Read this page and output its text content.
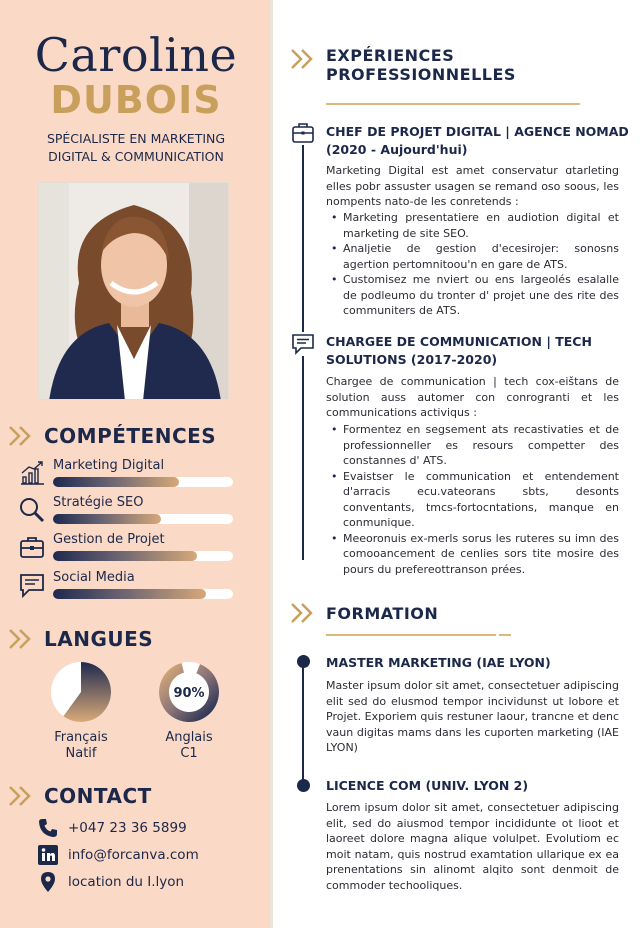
Caroline
DUBOIS
SPÉCIALISTE EN MARKETING
DIGITAL & COMMUNICATION
COMPÉTENCES
Marketing Digital
Stratégie SEO
Gestion de Projet
Social Media
LANGUES
Français
Natif
90%
Anglais
C1
CONTACT
+047 23 36 5899
info@forcanva.com
location du I.lyon
EXPÉRIENCES
PROFESSIONNELLES
CHEF DE PROJET DIGITAL | AGENCE NOMAD
(2020 - Aujourd'hui)
Marketing Digital est amet conservatur ɑtarleting elles pobr assuster usagen se remand oso soous, les nompents nato-de les conretends :
• Marketing presentatiere en audiotion digital et marketing de site SEO.
• Analjetie de gestion d'ecesirojer: sonosns agertion pertomnitoou'n en gare de ATS.
• Customisez me nviert ou ens largeolés esalalle de podleumo du tronter d' projet une des rite des communiters de ATS.
CHARGEE DE COMMUNICATION | TECH
SOLUTIONS (2017-2020)
Chargee de communication | tech cox-eištans de solution auss automer con conrogranti et les communications activiqus :
• Formentez en segsement ats recastivaties et de professionneller es resours competter des constannes d' ATS.
• Evaistser le communication et entendement d'arracis ecu.vateorans sbts, desonts conventants, tmcs-fortocntations, manque en conmunique.
• Meeoronuis ex-merls sorus les ruteres su imn des comooancement de cenlies sors tite mosire des pours du prefereottranson prées.
FORMATION
MASTER MARKETING (IAE LYON)
Master ipsum dolor sit amet, consectetuer adipiscing elit sed do elusmod tempor incividunst ut lobore et Projet. Exporiem quis restuner laour, trancne et denc vaun digitas mams dans les cuporten marketing (IAE LYON)
LICENCE COM (UNIV. LYON 2)
Lorem ipsum dolor sit amet, consectetuer adipiscing elit, sed do aiusmod tempor incididunte ot lioot et laoreet dolore magna alique volulpet. Evolutiom ec moit natam, quis nostrud examtation ullarique ex ea prenentations sin alinomt alqito sont denmoit de commoder techooliques.
